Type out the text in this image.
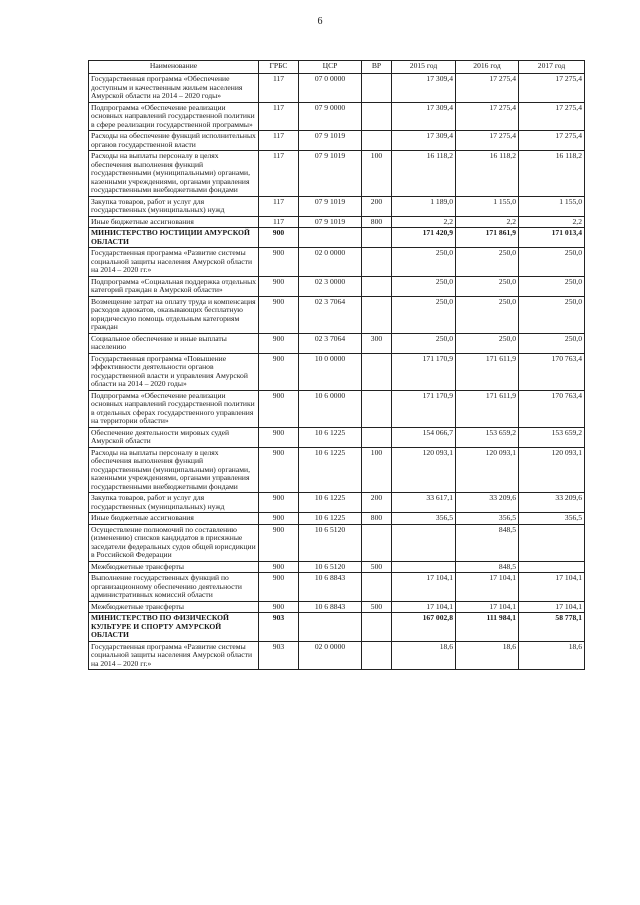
6
Наименование	ГРБС	ЦСР	ВР	2015 год	2016 год	2017 год
Государственная программа «Обеспечение доступным и качественным жильем населения Амурской области на 2014 – 2020 годы»	117	07 0 0000		17 309,4	17 275,4	17 275,4
Подпрограмма «Обеспечение реализации основных направлений государственной политики в сфере реализации государственной программы»	117	07 9 0000		17 309,4	17 275,4	17 275,4
Расходы на обеспечение функций исполнительных органов государственной власти	117	07 9 1019		17 309,4	17 275,4	17 275,4
Расходы на выплаты персоналу в целях обеспечения выполнения функций государственными (муниципальными) органами, казенными учреждениями, органами управления государственными внебюджетными фондами	117	07 9 1019	100	16 118,2	16 118,2	16 118,2
Закупка товаров, работ и услуг для государственных (муниципальных) нужд	117	07 9 1019	200	1 189,0	1 155,0	1 155,0
Иные бюджетные ассигнования	117	07 9 1019	800	2,2	2,2	2,2
МИНИСТЕРСТВО ЮСТИЦИИ АМУРСКОЙ ОБЛАСТИ	900			171 420,9	171 861,9	171 013,4
Государственная программа «Развитие системы социальной защиты населения Амурской области на 2014 – 2020 гг.»	900	02 0 0000		250,0	250,0	250,0
Подпрограмма «Социальная поддержка отдельных категорий граждан в Амурской области»	900	02 3 0000		250,0	250,0	250,0
Возмещение затрат на оплату труда и компенсация расходов адвокатов, оказывающих бесплатную юридическую помощь отдельным категориям граждан	900	02 3 7064		250,0	250,0	250,0
Социальное обеспечение и иные выплаты населению	900	02 3 7064	300	250,0	250,0	250,0
Государственная программа «Повышение эффективности деятельности органов государственной власти и управления Амурской области на 2014 – 2020 годы»	900	10 0 0000		171 170,9	171 611,9	170 763,4
Подпрограмма «Обеспечение реализации основных направлений государственной политики в отдельных сферах государственного управления на территории области»	900	10 6 0000		171 170,9	171 611,9	170 763,4
Обеспечение деятельности мировых судей Амурской области	900	10 6 1225		154 066,7	153 659,2	153 659,2
Расходы на выплаты персоналу в целях обеспечения выполнения функций государственными (муниципальными) органами, казенными учреждениями, органами управления государственными внебюджетными фондами	900	10 6 1225	100	120 093,1	120 093,1	120 093,1
Закупка товаров, работ и услуг для государственных (муниципальных) нужд	900	10 6 1225	200	33 617,1	33 209,6	33 209,6
Иные бюджетные ассигнования	900	10 6 1225	800	356,5	356,5	356,5
Осуществление полномочий по составлению (изменению) списков кандидатов в присяжные заседатели федеральных судов общей юрисдикции в Российской Федерации	900	10 6 5120			848,5	
Межбюджетные трансферты	900	10 6 5120	500		848,5	
Выполнение государственных функций по организационному обеспечению деятельности административных комиссий области	900	10 6 8843		17 104,1	17 104,1	17 104,1
Межбюджетные трансферты	900	10 6 8843	500	17 104,1	17 104,1	17 104,1
МИНИСТЕРСТВО ПО ФИЗИЧЕСКОЙ КУЛЬТУРЕ И СПОРТУ АМУРСКОЙ ОБЛАСТИ	903			167 002,8	111 984,1	58 778,1
Государственная программа «Развитие системы социальной защиты населения Амурской области на 2014 – 2020 гг.»	903	02 0 0000		18,6	18,6	18,6
